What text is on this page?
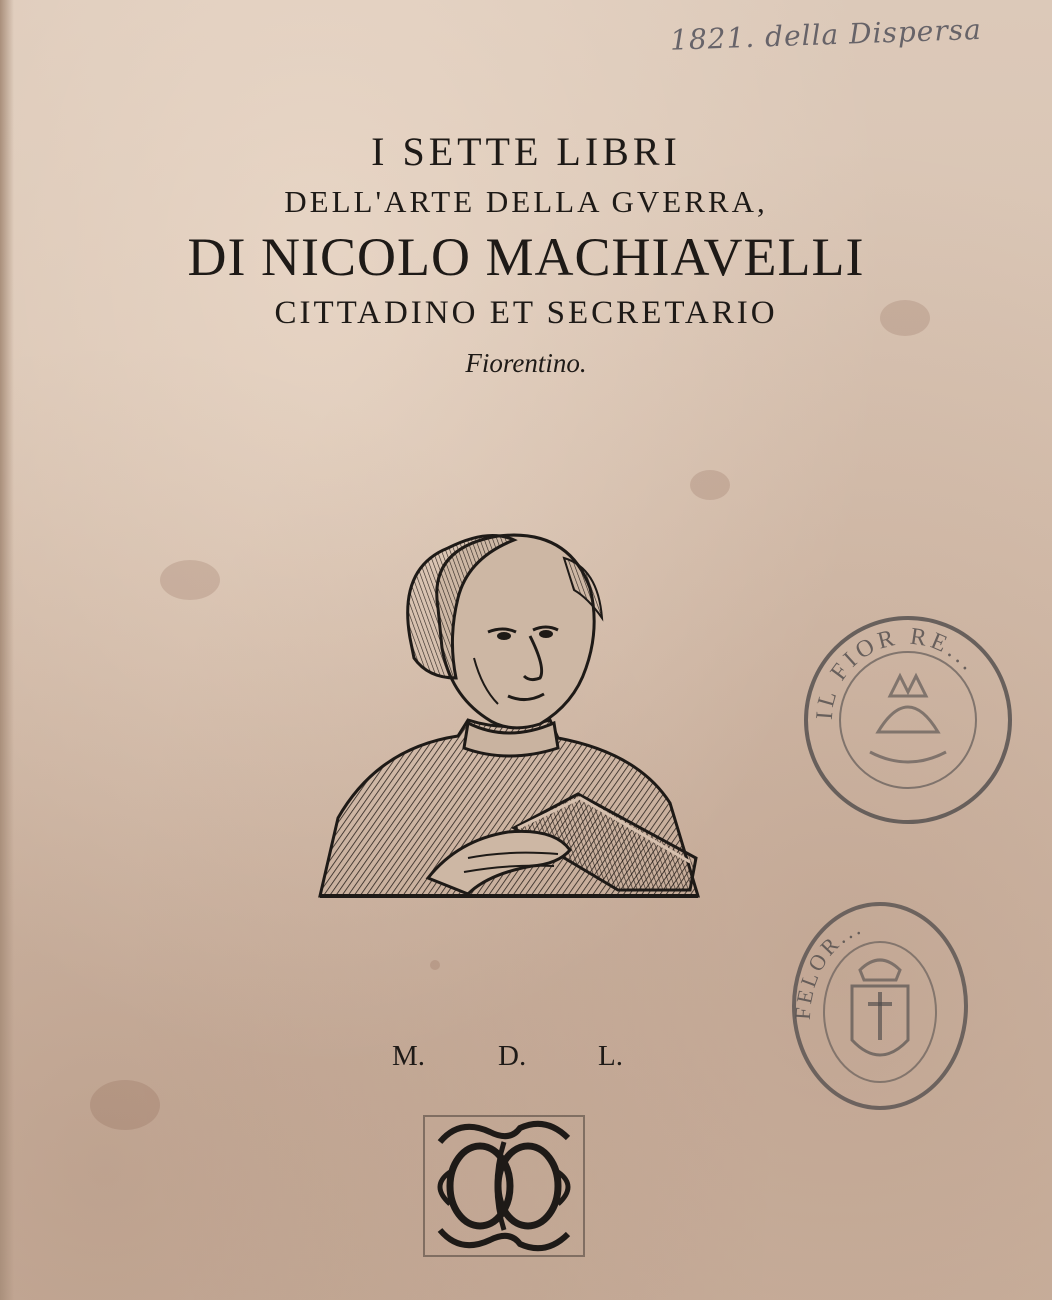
1821. della Dispersa

I SETTE LIBRI

DELL'ARTE DELLA GVERRA,

DI NICOLO MACHIAVELLI

CITTADINO ET SECRETARIO

Fiorentino.

IL FIOR RE...
FELOR...
M.	D. L.
